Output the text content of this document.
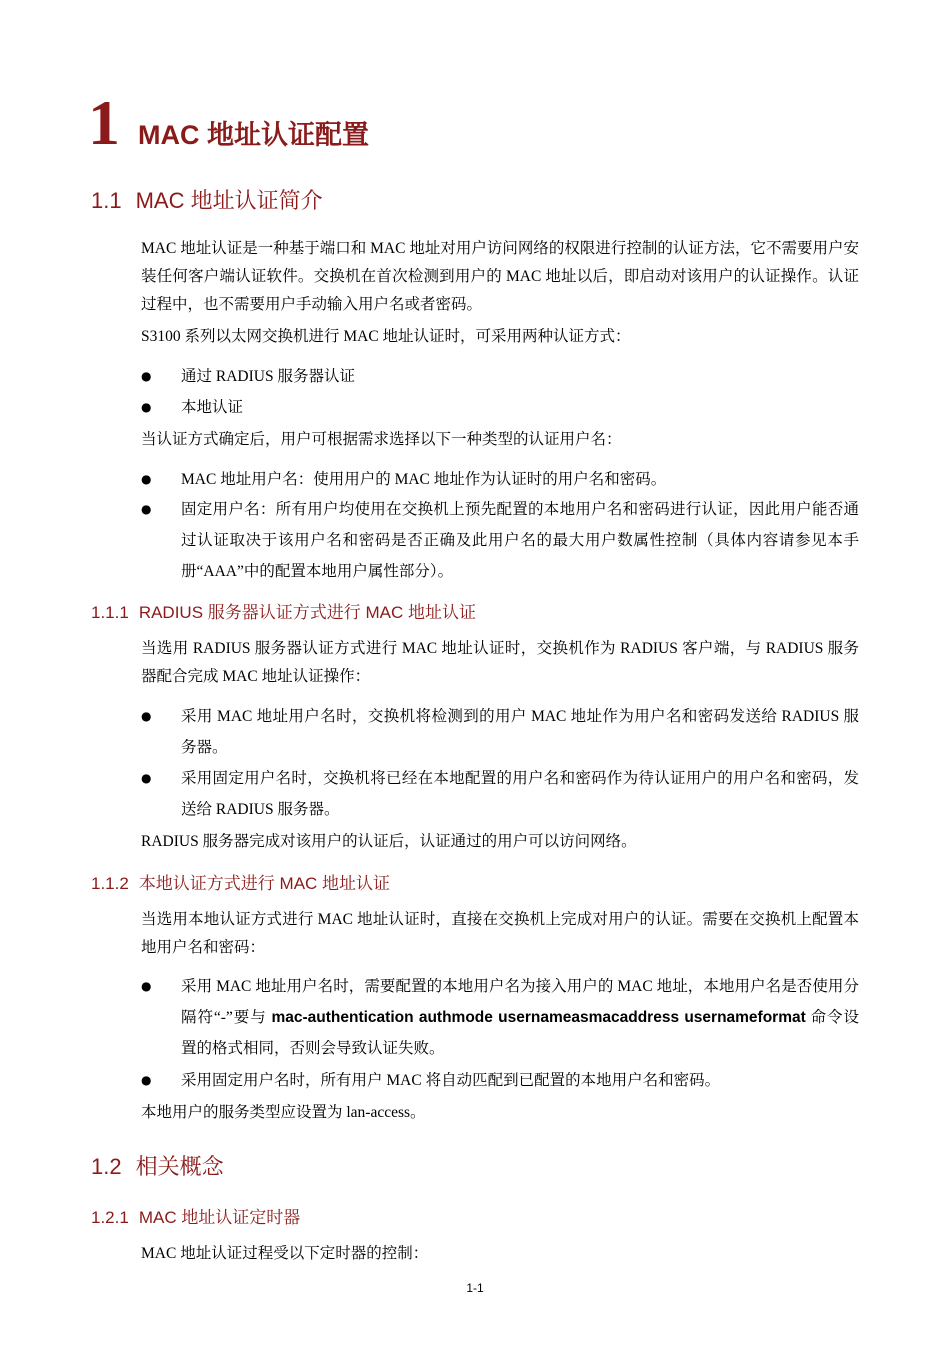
1 MAC 地址认证配置
1.1 MAC 地址认证简介
MAC 地址认证是一种基于端口和 MAC 地址对用户访问网络的权限进行控制的认证方法，它不需要用户安装任何客户端认证软件。交换机在首次检测到用户的 MAC 地址以后，即启动对该用户的认证操作。认证过程中，也不需要用户手动输入用户名或者密码。
S3100 系列以太网交换机进行 MAC 地址认证时，可采用两种认证方式：
●	通过 RADIUS 服务器认证
●	本地认证
当认证方式确定后，用户可根据需求选择以下一种类型的认证用户名：
●	MAC 地址用户名：使用用户的 MAC 地址作为认证时的用户名和密码。
●	固定用户名：所有用户均使用在交换机上预先配置的本地用户名和密码进行认证，因此用户能否通过认证取决于该用户名和密码是否正确及此用户名的最大用户数属性控制（具体内容请参见本手册“AAA”中的配置本地用户属性部分）。
1.1.1 RADIUS 服务器认证方式进行 MAC 地址认证
当选用 RADIUS 服务器认证方式进行 MAC 地址认证时，交换机作为 RADIUS 客户端，与 RADIUS 服务器配合完成 MAC 地址认证操作：
●	采用 MAC 地址用户名时，交换机将检测到的用户 MAC 地址作为用户名和密码发送给 RADIUS 服务器。
●	采用固定用户名时，交换机将已经在本地配置的用户名和密码作为待认证用户的用户名和密码，发送给 RADIUS 服务器。
RADIUS 服务器完成对该用户的认证后，认证通过的用户可以访问网络。
1.1.2 本地认证方式进行 MAC 地址认证
当选用本地认证方式进行 MAC 地址认证时，直接在交换机上完成对用户的认证。需要在交换机上配置本地用户名和密码：
●	采用 MAC 地址用户名时，需要配置的本地用户名为接入用户的 MAC 地址，本地用户名是否使用分隔符“-”要与 mac-authentication authmode usernameasmacaddress usernameformat 命令设置的格式相同，否则会导致认证失败。
●	采用固定用户名时，所有用户 MAC 将自动匹配到已配置的本地用户名和密码。
本地用户的服务类型应设置为 lan-access。
1.2 相关概念
1.2.1 MAC 地址认证定时器
MAC 地址认证过程受以下定时器的控制：
1-1
